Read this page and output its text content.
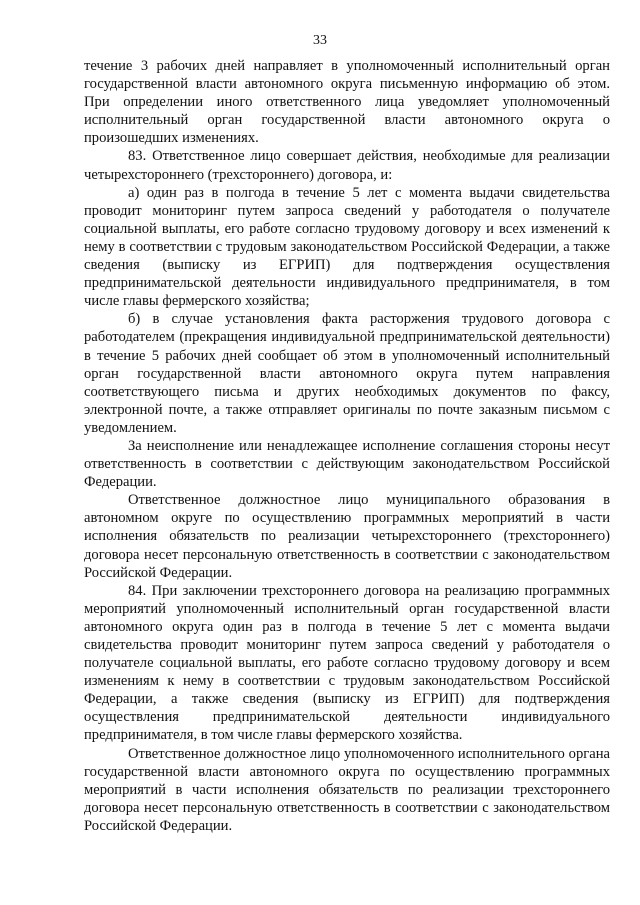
33

течение 3 рабочих дней направляет в уполномоченный исполнительный орган государственной власти автономного округа письменную информацию об этом. При определении иного ответственного лица уведомляет уполномоченный исполнительный орган государственной власти автономного округа о произошедших изменениях.

83. Ответственное лицо совершает действия, необходимые для реализации четырехстороннего (трехстороннего) договора, и:

а) один раз в полгода в течение 5 лет с момента выдачи свидетельства проводит мониторинг путем запроса сведений у работодателя о получателе социальной выплаты, его работе согласно трудовому договору и всех изменений к нему в соответствии с трудовым законодательством Российской Федерации, а также сведения (выписку из ЕГРИП) для подтверждения осуществления предпринимательской деятельности индивидуального предпринимателя, в том числе главы фермерского хозяйства;

б) в случае установления факта расторжения трудового договора с работодателем (прекращения индивидуальной предпринимательской деятельности) в течение 5 рабочих дней сообщает об этом в уполномоченный исполнительный орган государственной власти автономного округа путем направления соответствующего письма и других необходимых документов по факсу, электронной почте, а также отправляет оригиналы по почте заказным письмом с уведомлением.

За неисполнение или ненадлежащее исполнение соглашения стороны несут ответственность в соответствии с действующим законодательством Российской Федерации.

Ответственное должностное лицо муниципального образования в автономном округе по осуществлению программных мероприятий в части исполнения обязательств по реализации четырехстороннего (трехстороннего) договора несет персональную ответственность в соответствии с законодательством Российской Федерации.

84. При заключении трехстороннего договора на реализацию программных мероприятий уполномоченный исполнительный орган государственной власти автономного округа один раз в полгода в течение 5 лет с момента выдачи свидетельства проводит мониторинг путем запроса сведений у работодателя о получателе социальной выплаты, его работе согласно трудовому договору и всем изменениям к нему в соответствии с трудовым законодательством Российской Федерации, а также сведения (выписку из ЕГРИП) для подтверждения осуществления предпринимательской деятельности индивидуального предпринимателя, в том числе главы фермерского хозяйства.

Ответственное должностное лицо уполномоченного исполнительного органа государственной власти автономного округа по осуществлению программных мероприятий в части исполнения обязательств по реализации трехстороннего договора несет персональную ответственность в соответствии с законодательством Российской Федерации.
